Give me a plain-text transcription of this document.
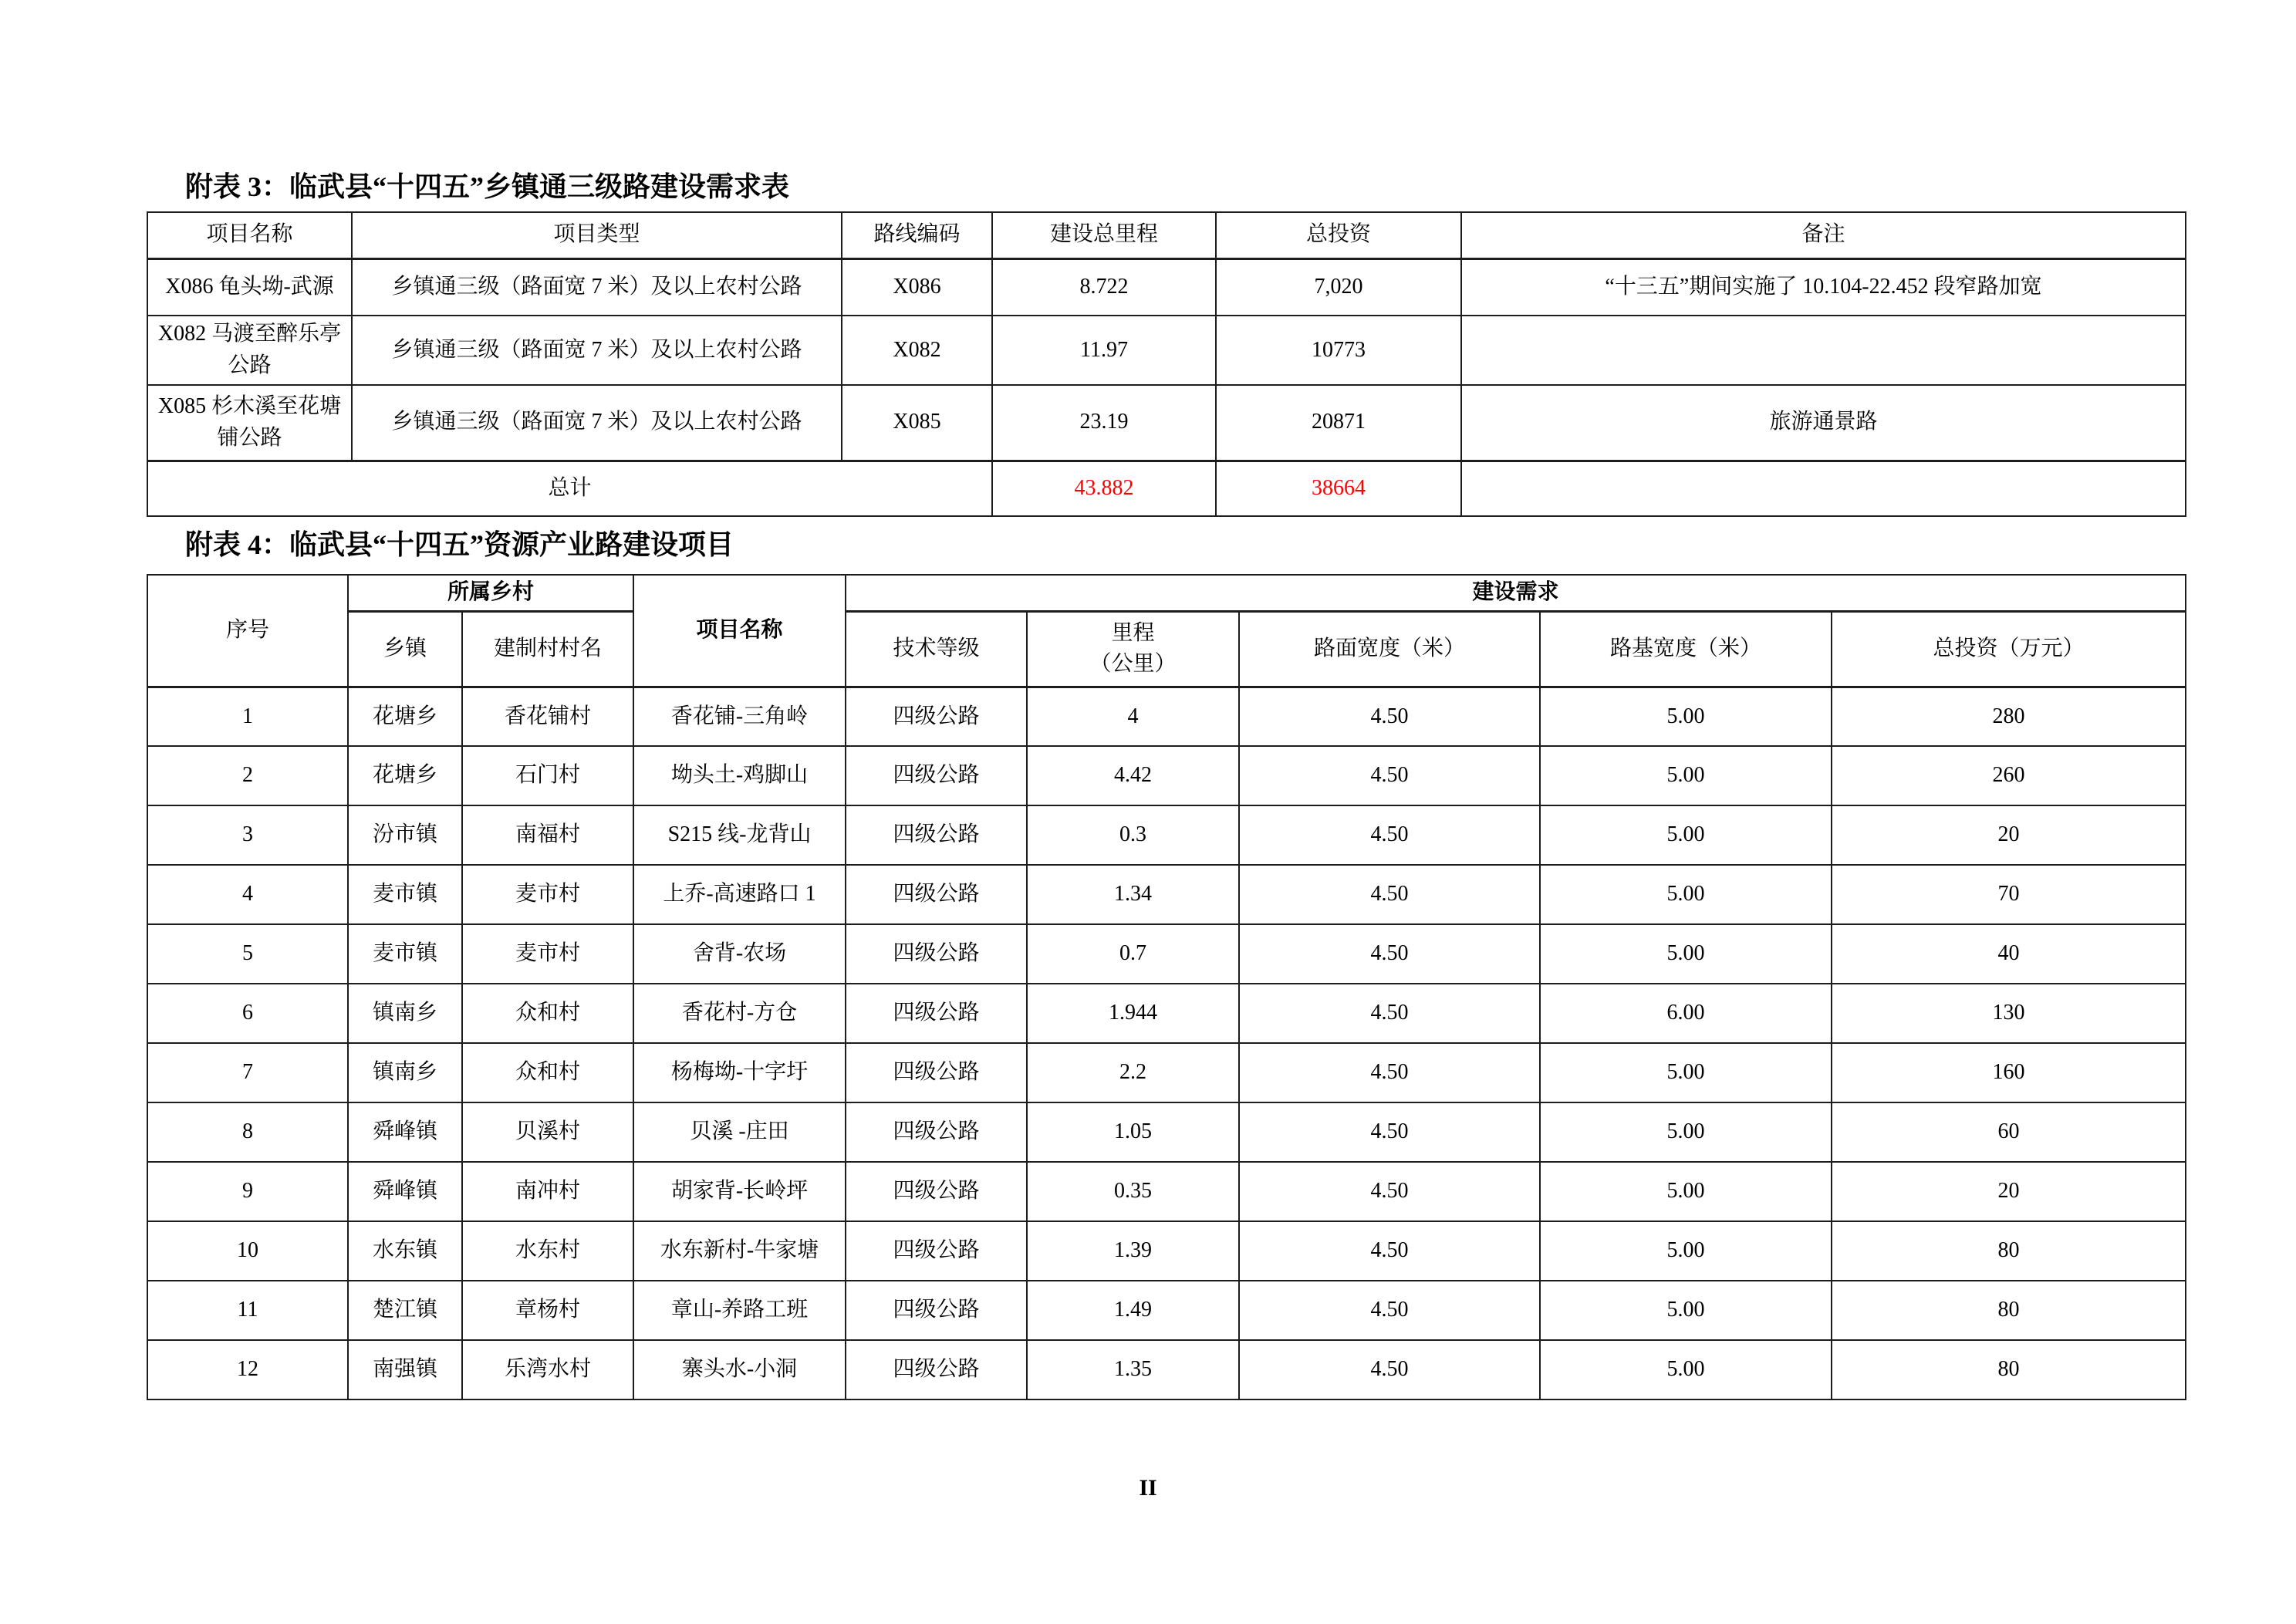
附表 3：临武县“十四五”乡镇通三级路建设需求表
项目名称	项目类型	路线编码	建设总里程	总投资	备注
X086 龟头坳-武源	乡镇通三级（路面宽 7 米）及以上农村公路	X086	8.722	7,020	“十三五”期间实施了 10.104-22.452 段窄路加宽
X082 马渡至醉乐亭公路	乡镇通三级（路面宽 7 米）及以上农村公路	X082	11.97	10773	
X085 杉木溪至花塘铺公路	乡镇通三级（路面宽 7 米）及以上农村公路	X085	23.19	20871	旅游通景路
总计			43.882	38664	
附表 4：临武县“十四五”资源产业路建设项目
序号	所属乡村		项目名称	建设需求				
	乡镇	建制村村名		技术等级	里程
（公里）	路面宽度（米）	路基宽度（米）	总投资（万元）
1	花塘乡	香花铺村	香花铺-三角岭	四级公路	4	4.50	5.00	280
2	花塘乡	石门村	坳头土-鸡脚山	四级公路	4.42	4.50	5.00	260
3	汾市镇	南福村	S215 线-龙背山	四级公路	0.3	4.50	5.00	20
4	麦市镇	麦市村	上乔-高速路口 1	四级公路	1.34	4.50	5.00	70
5	麦市镇	麦市村	舍背-农场	四级公路	0.7	4.50	5.00	40
6	镇南乡	众和村	香花村-方仓	四级公路	1.944	4.50	6.00	130
7	镇南乡	众和村	杨梅坳-十字圩	四级公路	2.2	4.50	5.00	160
8	舜峰镇	贝溪村	贝溪 -庄田	四级公路	1.05	4.50	5.00	60
9	舜峰镇	南冲村	胡家背-长岭坪	四级公路	0.35	4.50	5.00	20
10	水东镇	水东村	水东新村-牛家塘	四级公路	1.39	4.50	5.00	80
11	楚江镇	章杨村	章山-养路工班	四级公路	1.49	4.50	5.00	80
12	南强镇	乐湾水村	寨头水-小洞	四级公路	1.35	4.50	5.00	80
II
